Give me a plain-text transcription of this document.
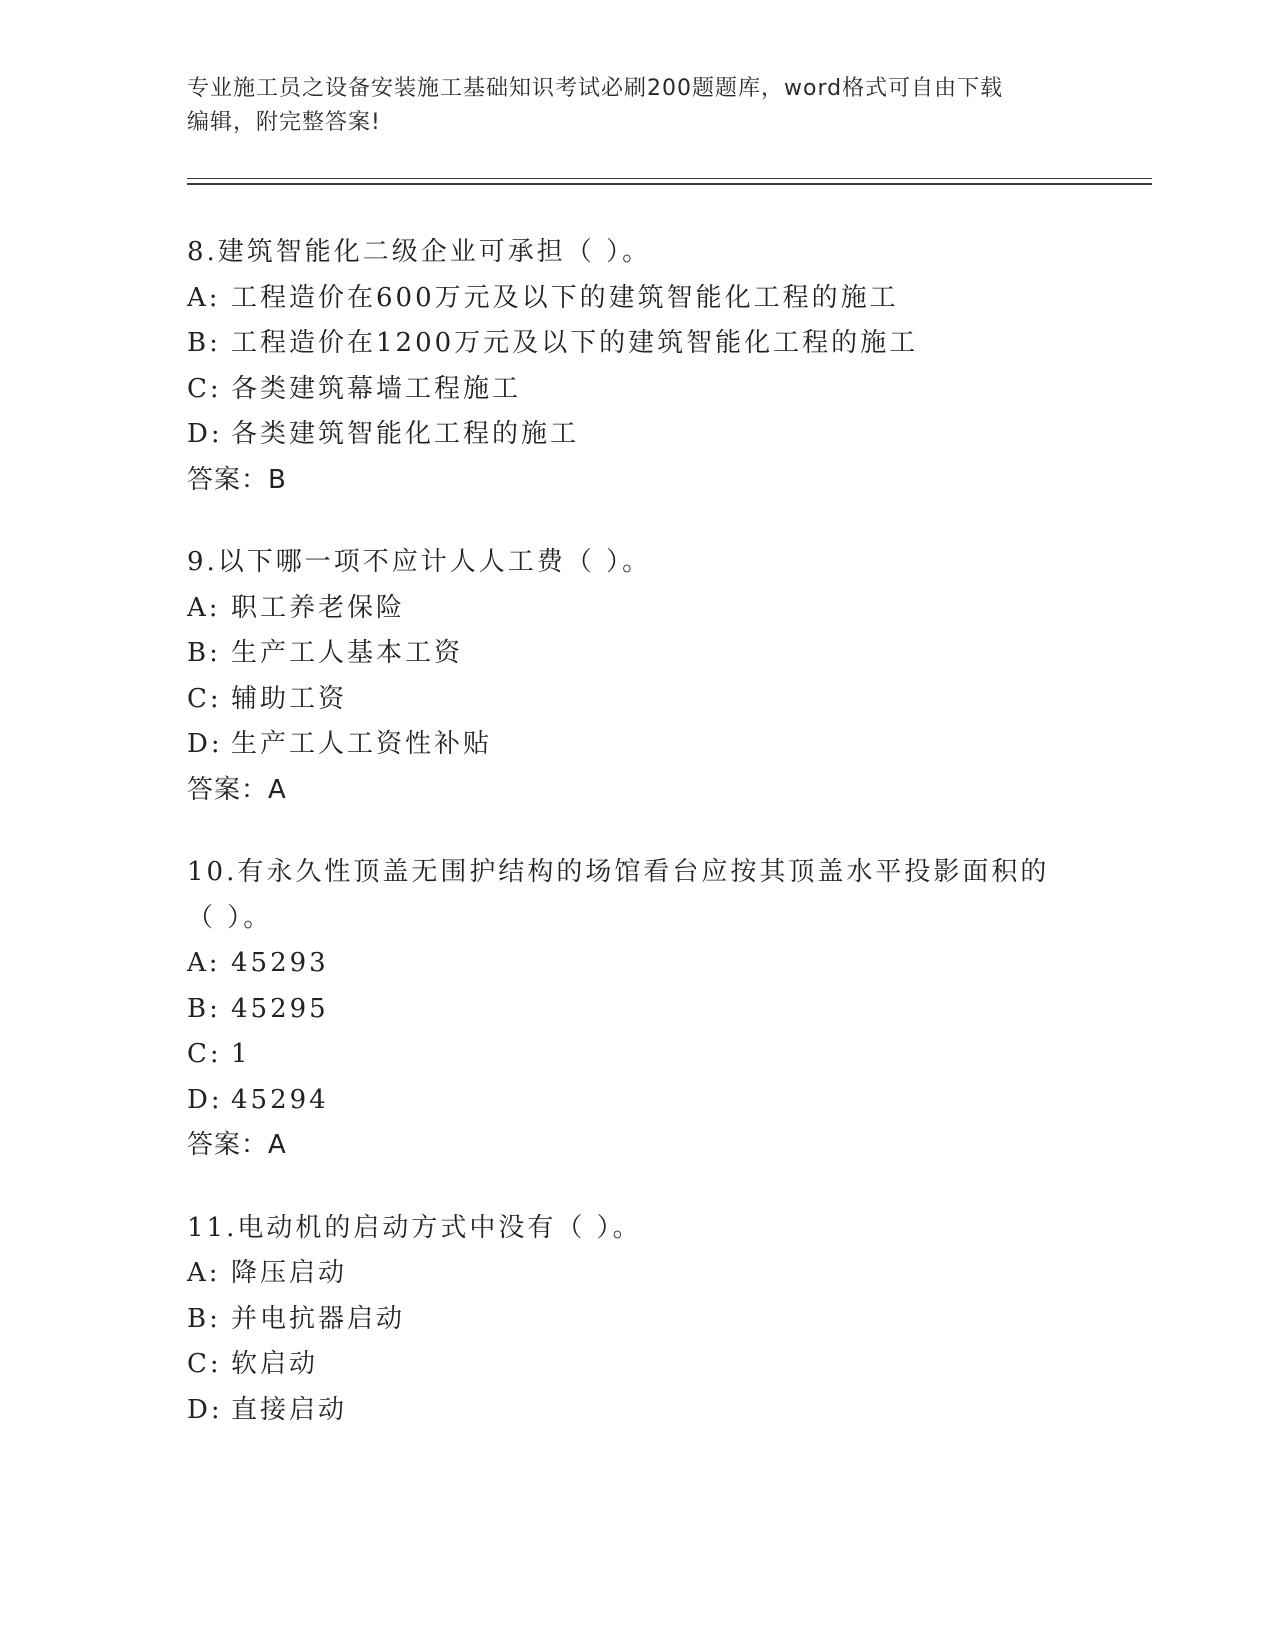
专业施工员之设备安装施工基础知识考试必刷200题题库，word格式可自由下载
编辑，附完整答案!
8.建筑智能化二级企业可承担（ ）。
A: 工程造价在600万元及以下的建筑智能化工程的施工
B: 工程造价在1200万元及以下的建筑智能化工程的施工
C: 各类建筑幕墙工程施工
D: 各类建筑智能化工程的施工
答案：B
9.以下哪一项不应计人人工费（ ）。
A: 职工养老保险
B: 生产工人基本工资
C: 辅助工资
D: 生产工人工资性补贴
答案：A
10.有永久性顶盖无围护结构的场馆看台应按其顶盖水平投影面积的（ ）。
A: 45293
B: 45295
C: 1
D: 45294
答案：A
11.电动机的启动方式中没有（ ）。
A: 降压启动
B: 并电抗器启动
C: 软启动
D: 直接启动
